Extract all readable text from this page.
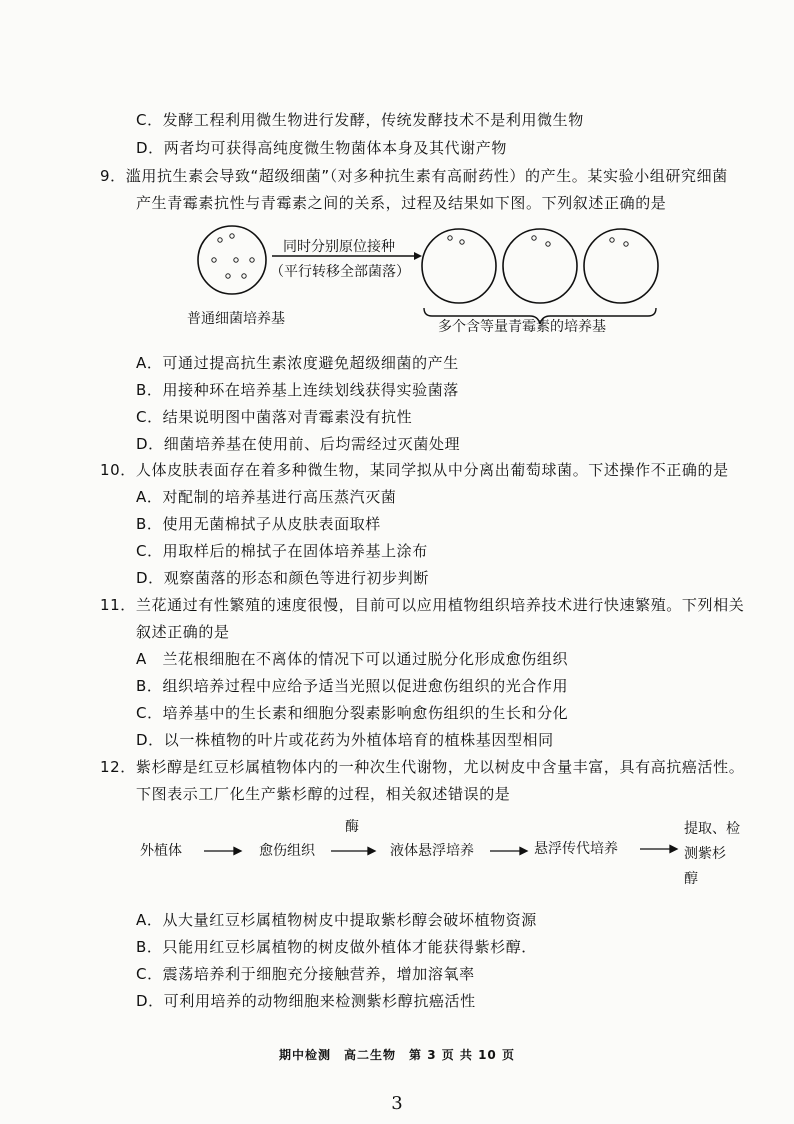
C．发酵工程利用微生物进行发酵，传统发酵技术不是利用微生物
D．两者均可获得高纯度微生物菌体本身及其代谢产物
9．滥用抗生素会导致“超级细菌”（对多种抗生素有高耐药性）的产生。某实验小组研究细菌
产生青霉素抗性与青霉素之间的关系，过程及结果如下图。下列叙述正确的是
同时分别原位接种
（平行转移全部菌落）
普通细菌培养基	多个含等量青霉素的培养基
A．可通过提高抗生素浓度避免超级细菌的产生
B．用接种环在培养基上连续划线获得实验菌落
C．结果说明图中菌落对青霉素没有抗性
D．细菌培养基在使用前、后均需经过灭菌处理
10．人体皮肤表面存在着多种微生物，某同学拟从中分离出葡萄球菌。下述操作不正确的是
A．对配制的培养基进行高压蒸汽灭菌
B．使用无菌棉拭子从皮肤表面取样
C．用取样后的棉拭子在固体培养基上涂布
D．观察菌落的形态和颜色等进行初步判断
11．兰花通过有性繁殖的速度很慢，目前可以应用植物组织培养技术进行快速繁殖。下列相关
叙述正确的是
A　兰花根细胞在不离体的情况下可以通过脱分化形成愈伤组织
B．组织培养过程中应给予适当光照以促进愈伤组织的光合作用
C．培养基中的生长素和细胞分裂素影响愈伤组织的生长和分化
D．以一株植物的叶片或花药为外植体培育的植株基因型相同
12．紫杉醇是红豆杉属植物体内的一种次生代谢物，尤以树皮中含量丰富，具有高抗癌活性。
下图表示工厂化生产紫杉醇的过程，相关叙述错误的是
外植体	愈伤组织
酶
液体悬浮培养	悬浮传代培养
提取、检
测紫杉
醇
A．从大量红豆杉属植物树皮中提取紫杉醇会破坏植物资源
B．只能用红豆杉属植物的树皮做外植体才能获得紫杉醇．
C．震荡培养利于细胞充分接触营养，增加溶氧率
D．可利用培养的动物细胞来检测紫杉醇抗癌活性
期中检测　高二生物　第 3 页 共 10 页
3
